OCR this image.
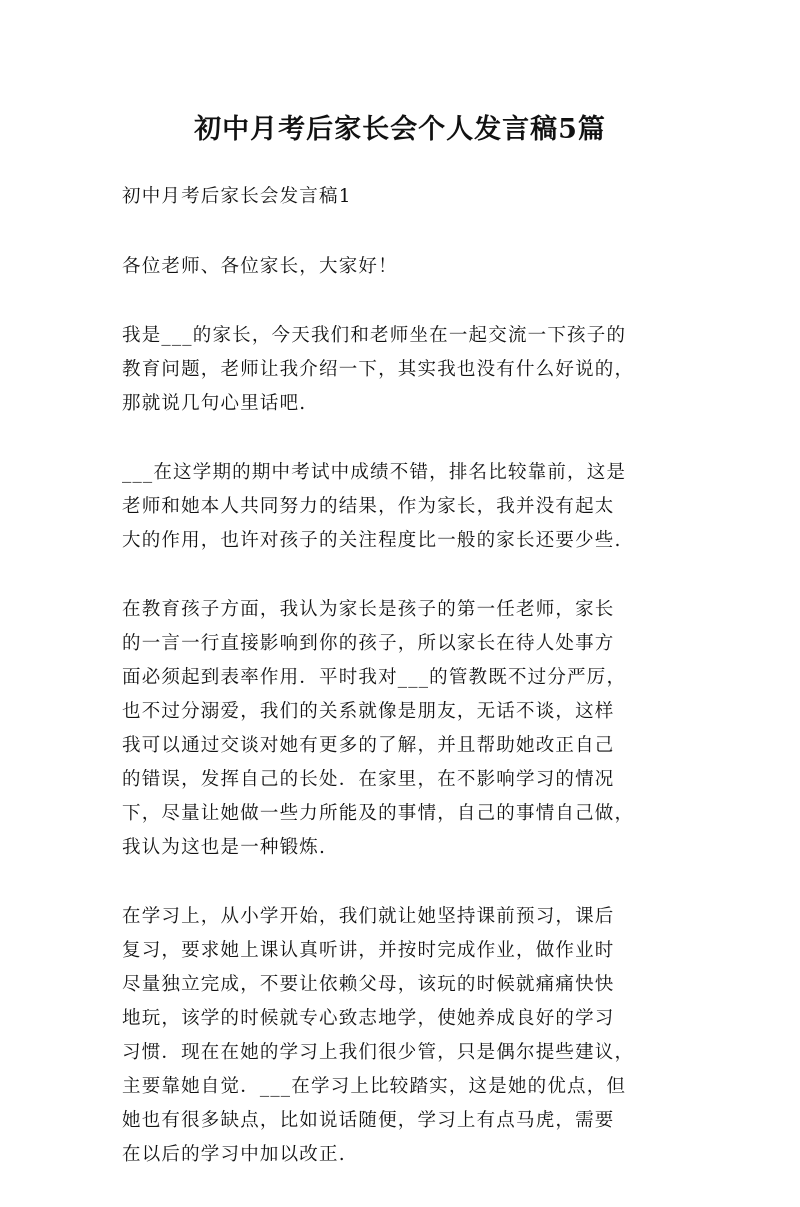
初中月考后家长会个人发言稿5篇

初中月考后家长会发言稿1

各位老师、各位家长，大家好！

我是___的家长，今天我们和老师坐在一起交流一下孩子的
教育问题，老师让我介绍一下，其实我也没有什么好说的，
那就说几句心里话吧.

___在这学期的期中考试中成绩不错，排名比较靠前，这是
老师和她本人共同努力的结果，作为家长，我并没有起太
大的作用，也许对孩子的关注程度比一般的家长还要少些.

在教育孩子方面，我认为家长是孩子的第一任老师，家长
的一言一行直接影响到你的孩子，所以家长在待人处事方
面必须起到表率作用．平时我对___的管教既不过分严厉，
也不过分溺爱，我们的关系就像是朋友，无话不谈，这样
我可以通过交谈对她有更多的了解，并且帮助她改正自己
的错误，发挥自己的长处．在家里，在不影响学习的情况
下，尽量让她做一些力所能及的事情，自己的事情自己做，
我认为这也是一种锻炼.

在学习上，从小学开始，我们就让她坚持课前预习，课后
复习，要求她上课认真听讲，并按时完成作业，做作业时
尽量独立完成，不要让依赖父母，该玩的时候就痛痛快快
地玩，该学的时候就专心致志地学，使她养成良好的学习
习惯．现在在她的学习上我们很少管，只是偶尔提些建议，
主要靠她自觉．___在学习上比较踏实，这是她的优点，但
她也有很多缺点，比如说话随便，学习上有点马虎，需要
在以后的学习中加以改正.
